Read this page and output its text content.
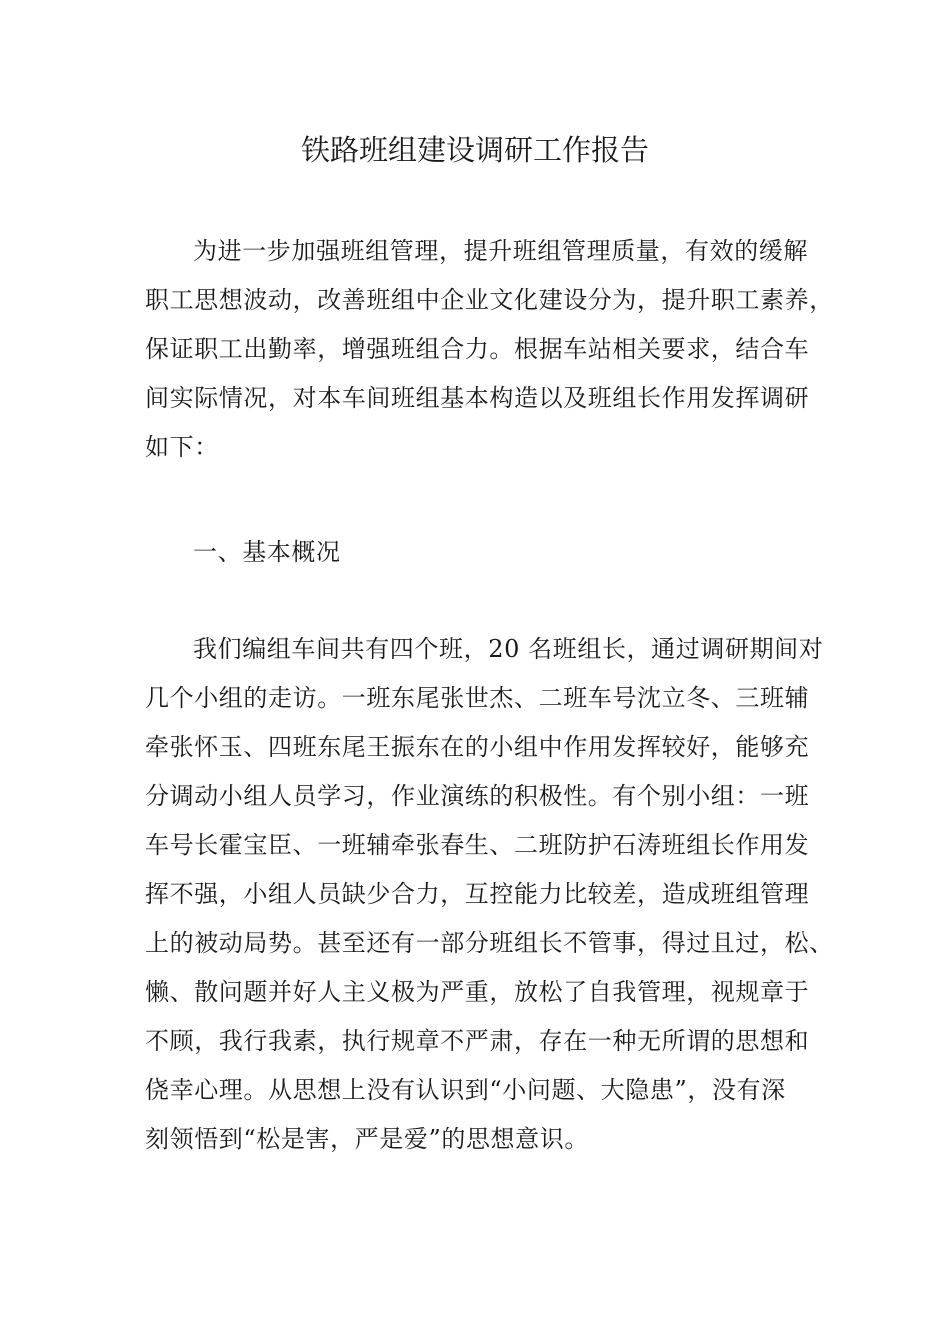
铁路班组建设调研工作报告
为进一步加强班组管理，提升班组管理质量，有效的缓解
职工思想波动，改善班组中企业文化建设分为，提升职工素养，
保证职工出勤率，增强班组合力。根据车站相关要求，结合车
间实际情况，对本车间班组基本构造以及班组长作用发挥调研
如下：
一、基本概况
我们编组车间共有四个班，20 名班组长，通过调研期间对
几个小组的走访。一班东尾张世杰、二班车号沈立冬、三班辅
牵张怀玉、四班东尾王振东在的小组中作用发挥较好，能够充
分调动小组人员学习，作业演练的积极性。有个别小组：一班
车号长霍宝臣、一班辅牵张春生、二班防护石涛班组长作用发
挥不强，小组人员缺少合力，互控能力比较差，造成班组管理
上的被动局势。甚至还有一部分班组长不管事，得过且过，松、
懒、散问题并好人主义极为严重，放松了自我管理，视规章于
不顾，我行我素，执行规章不严肃，存在一种无所谓的思想和
侥幸心理。从思想上没有认识到“小问题、大隐患”，没有深
刻领悟到“松是害，严是爱”的思想意识。
